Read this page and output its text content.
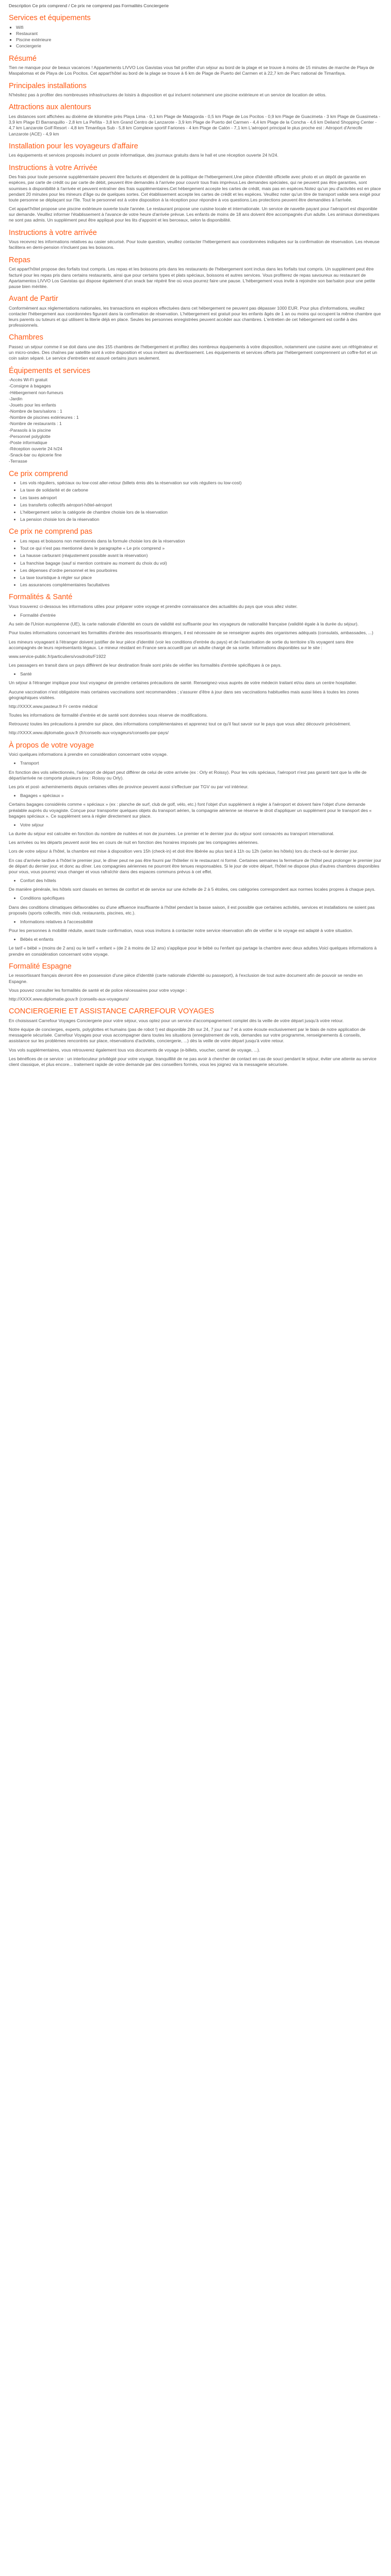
Description Ce prix comprend / Ce prix ne comprend pas Formalités Conciergerie

Services et équipements
▪ Wifi
▪ Restaurant
▪ Piscine extérieure
▪ Conciergerie
Résumé

Tien ne manque pour de beaux vacances ! Appartements LIVVO Los Gavistas vous fait profiter d'un séjour au bord de la plage et se trouve à moins de 15 minutes de marche de Playa de Maspalomas et de Playa de Los Pocitos. Cet appart'hôtel au bord de la plage se trouve à 6 km de Plage de Puerto del Carmen et à 22,7 km de Parc national de Timanfaya.

Principales installations

N'hésitez pas à profiter des nombreuses infrastructures de loisirs à disposition et qui incluent notamment une piscine extérieure et un service de location de vélos.

Attractions aux alentours

Les distances sont affichées au dixième de kilomètre près Playa Lima - 0,1 km Plage de Matagorda - 0,5 km Plage de Los Pocitos - 0,9 km Plage de Guacimeta - 3 km Plage de Guasimeta - 3,9 km Plage El Barranquillo - 2,8 km La Peñita - 3,8 km Grand Centro de Lanzarote - 3,9 km Plage de Puerto del Carmen - 4,4 km Plage de la Concha - 4,6 km Deiland Shopping Center - 4,7 km Lanzarote Golf Resort - 4,8 km Timanfaya Sub - 5,8 km Complexe sportif Fariones - 4 km Plage de Calón - 7,1 km L'aéroport principal le plus proche est : Aéroport d'Arrecife Lanzarote (ACE) - 4,9 km

Installation pour les voyageurs d'affaire

Les équipements et services proposés incluent un poste informatique, des journaux gratuits dans le hall et une réception ouverte 24 h/24.

Instructions à votre Arrivée

Des frais pour toute personne supplémentaire peuvent être facturés et dépendent de la politique de l'hébergement.Une pièce d'identité officielle avec photo et un dépôt de garantie en espèces, par carte de crédit ou par carte de débit, peuvent être demandés à l'arrivée pour couvrir tous frais imprévus.Les demandes spéciales, qui ne peuvent pas être garanties, sont soumises à disponibilité à l'arrivée et peuvent entraîner des frais supplémentaires.Cet hébergement accepte les cartes de crédit, mais pas en espèces.Notez qu'un jeu d'activités est en place pendant 20 minutes pour les mineurs d'âge ou de quelques sortes. Cet établissement accepte les cartes de crédit et les espèces. Veuillez noter qu'un titre de transport valide sera exigé pour toute personne se déplaçant sur l'île. Tout le personnel est à votre disposition à la réception pour répondre à vos questions.Les protections peuvent être demandées à l'arrivée.

Cet appart'hôtel propose une piscine extérieure ouverte toute l'année. Le restaurant propose une cuisine locale et internationale. Un service de navette payant pour l'aéroport est disponible sur demande. Veuillez informer l'établissement à l'avance de votre heure d'arrivée prévue. Les enfants de moins de 18 ans doivent être accompagnés d'un adulte. Les animaux domestiques ne sont pas admis. Un supplément peut être appliqué pour les lits d'appoint et les berceaux, selon la disponibilité.

Instructions à votre arrivée

Vous recevrez les informations relatives au casier sécurisé. Pour toute question, veuillez contacter l'hébergement aux coordonnées indiquées sur la confirmation de réservation. Les réveuse facilitera en demi-pension n'incluent pas les boissons.

Repas

Cet appart'hôtel propose des forfaits tout compris. Les repas et les boissons pris dans les restaurants de l'hébergement sont inclus dans les forfaits tout compris. Un supplément peut être facturé pour les repas pris dans certains restaurants, ainsi que pour certains types et plats spéciaux, boissons et autres services. Vous profiterez de repas savoureux au restaurant de Apartamentos LIVVO Los Gavistas qui dispose également d'un snack bar répéré fine où vous pourrez faire une pause. L'hébergement vous invite à rejoindre son bar/salon pour une petite pause bien méritée.

Avant de Partir

Conformément aux réglementations nationales, les transactions en espèces effectuées dans cet hébergement ne peuvent pas dépasser 1000 EUR. Pour plus d'informations, veuillez contacter l'hébergement aux coordonnées figurant dans la confirmation de réservation. L'hébergement est gratuit pour les enfants âgés de 1 an ou moins qui occupent la même chambre que leurs parents ou tuteurs et qui utilisent la literie déjà en place. Seules les personnes enregistrées peuvent accéder aux chambres. L'entretien de cet hébergement est confié à des professionnels.

Chambres

Passez un séjour comme il se doit dans une des 155 chambres de l'hébergement et profitez des nombreux équipements à votre disposition, notamment une cuisine avec un réfrigérateur et un micro-ondes. Des chaînes par satellite sont à votre disposition et vous invitent au divertissement. Les équipements et services offerts par l'hébergement comprennent un coffre-fort et un coin salon séparé. Le service d'entretien est assuré certains jours seulement.

Équipements et services
-Accès Wi-Fi gratuit
-Consigne à bagages
-Hébergement non-fumeurs
-Jardin
-Jouets pour les enfants
-Nombre de bars/salons : 1
-Nombre de piscines extérieures : 1
-Nombre de restaurants : 1
-Parasols à la piscine
-Personnel polyglotte
-Poste informatique
-Réception ouverte 24 h/24
-Snack-bar ou épicerie fine
-Terrasse
Ce prix comprend
• Les vols réguliers, spéciaux ou low-cost aller-retour (billets émis dès la réservation sur vols réguliers ou low-cost)
• La taxe de solidarité et de carbone
• Les taxes aéroport
• Les transferts collectifs aéroport-hôtel-aéroport
• L'hébergement selon la catégorie de chambre choisie lors de la réservation
• La pension choisie lors de la réservation
Ce prix ne comprend pas
• Les repas et boissons non mentionnés dans la formule choisie lors de la réservation
• Tout ce qui n'est pas mentionné dans le paragraphe « Le prix comprend »
• La hausse carburant (réajustement possible avant la réservation)
• La franchise bagage (sauf si mention contraire au moment du choix du vol)
• Les dépenses d'ordre personnel et les pourboires
• La taxe touristique à régler sur place
• Les assurances complémentaires facultatives
Formalités & Santé

Vous trouverez ci-dessous les informations utiles pour préparer votre voyage et prendre connaissance des actualités du pays que vous allez visiter.

• Formalité d'entrée

Au sein de l'Union européenne (UE), la carte nationale d'identité en cours de validité est suffisante pour les voyageurs de nationalité française (validité égale à la durée du séjour).

Pour toutes informations concernant les formalités d'entrée des ressortissants étrangers, il est nécessaire de se renseigner auprès des organismes adéquats (consulats, ambassades, ...)

Les mineurs voyageant à l'étranger doivent justifier de leur pièce d'identité (voir les conditions d'entrée du pays) et de l'autorisation de sortie du territoire s'ils voyagent sans être accompagnés de leurs représentants légaux. Le mineur résidant en France sera accueilli par un adulte chargé de sa sortie. Informations disponibles sur le site :

www.service-public.fr/particuliers/vosdroits/F1922

Les passagers en transit dans un pays différent de leur destination finale sont priés de vérifier les formalités d'entrée spécifiques à ce pays.

• Santé

Un séjour à l'étranger implique pour tout voyageur de prendre certaines précautions de santé. Renseignez-vous auprès de votre médecin traitant et/ou dans un centre hospitalier.

Aucune vaccination n'est obligatoire mais certaines vaccinations sont recommandées ; s'assurer d'être à jour dans ses vaccinations habituelles mais aussi liées à toutes les zones géographiques visitées.

http://XXXX.www.pasteur.fr Fr centre médical

Toutes les informations de formalité d'entrée et de santé sont données sous réserve de modifications.

Retrouvez toutes les précautions à prendre sur place, des informations complémentaires et apprenez tout ce qu'il faut savoir sur le pays que vous allez découvrir précisément.

http://XXXX.www.diplomatie.gouv.fr (fr/conseils-aux-voyageurs/conseils-par-pays/

À propos de votre voyage

Voici quelques informations à prendre en considération concernant votre voyage.

• Transport

En fonction des vols sélectionnés, l'aéroport de départ peut différer de celui de votre arrivée (ex : Orly et Roissy). Pour les vols spéciaux, l'aéroport n'est pas garanti tant que la ville de départ/arrivée ne comporte plusieurs (ex : Roissy ou Orly).

Les prix et post- acheminements depuis certaines villes de province peuvent aussi s'effectuer par TGV ou par vol intérieur.

• Bagages « spéciaux »

Certains bagages considérés comme « spéciaux » (ex : planche de surf, club de golf, vélo, etc.) font l'objet d'un supplément à régler à l'aéroport et doivent faire l'objet d'une demande préalable auprès du voyagiste. Conçue pour transporter quelques objets du transport aérien, la compagnie aérienne se réserve le droit d'appliquer un supplément pour le transport des « bagages spéciaux ». Ce supplément sera à régler directement sur place.

• Votre séjour

La durée du séjour est calculée en fonction du nombre de nuitées et non de journées. Le premier et le dernier jour du séjour sont consacrés au transport international.

Les arrivées ou les départs peuvent avoir lieu en cours de nuit en fonction des horaires imposés par les compagnies aériennes.

Lors de votre séjour à l'hôtel, la chambre est mise à disposition vers 15h (check-in) et doit être libérée au plus tard à 11h ou 12h (selon les hôtels) lors du check-out le dernier jour.

En cas d'arrivée tardive à l'hôtel le premier jour, le dîner peut ne pas être fourni par l'hôtelier ni le restaurant ni formé. Certaines semaines la fermeture de l'hôtel peut prolonger le premier jour de départ du dernier jour, et donc au dîner. Les compagnies aériennes ne pourront être tenues responsables. Si le jour de votre départ, l'hôtel ne dispose plus d'autres chambres disponibles pour vous, vous pourrez vous changer et vous rafraîchir dans des espaces communs prévus à cet effet.

• Confort des hôtels

De manière générale, les hôtels sont classés en termes de confort et de service sur une échelle de 2 à 5 étoiles, ces catégories correspondent aux normes locales propres à chaque pays.

• Conditions spécifiques

Dans des conditions climatiques défavorables ou d'une affluence insuffisante à l'hôtel pendant la basse saison, il est possible que certaines activités, services et installations ne soient pas proposés (sports collectifs, mini club, restaurants, piscines, etc.).

• Informations relatives à l'accessibilité

Pour les personnes à mobilité réduite, avant toute confirmation, nous vous invitons à contacter notre service réservation afin de vérifier si le voyage est adapté à votre situation.

• Bébés et enfants

Le tarif « bébé » (moins de 2 ans) ou le tarif « enfant » (de 2 à moins de 12 ans) s'applique pour le bébé ou l'enfant qui partage la chambre avec deux adultes.Voici quelques informations à prendre en considération concernant votre voyage.

Formalité Espagne

Le ressortissant français devront être en possession d'une pièce d'identité (carte nationale d'identité ou passeport), à l'exclusion de tout autre document afin de pouvoir se rendre en Espagne.

Vous pouvez consulter les formalités de santé et de police nécessaires pour votre voyage :

http://XXXX.www.diplomatie.gouv.fr (conseils-aux-voyageurs/

CONCIERGERIE ET ASSISTANCE CARREFOUR VOYAGES

En choisissant Carrefour Voyages Conciergerie pour votre séjour, vous optez pour un service d'accompagnement complet dès la veille de votre départ jusqu'à votre retour.

Notre équipe de concierges, experts, polyglottes et humains (pas de robot !) est disponible 24h sur 24, 7 jour sur 7 et à votre écoute exclusivement par le biais de notre application de messagerie sécurisée. Carrefour Voyages pour vous accompagner dans toutes les situations (enregistrement de vols, demandes sur votre programme, renseignements & conseils, assistance sur les problèmes rencontrés sur place, réservations d'activités, conciergerie, ...) dès la veille de votre départ jusqu'à votre retour.

Vos vols supplémentaires, vous retrouverez également tous vos documents de voyage (e-billets, voucher, carnet de voyage, ...).

Les bénéfices de ce service : un interlocuteur privilégié pour votre voyage, tranquillité de ne pas avoir à chercher de contact en cas de souci pendant le séjour, éviter une attente au service client classique, et plus encore... traitement rapide de votre demande par des conseillers formés, vous les joignez via la messagerie sécurisée.
